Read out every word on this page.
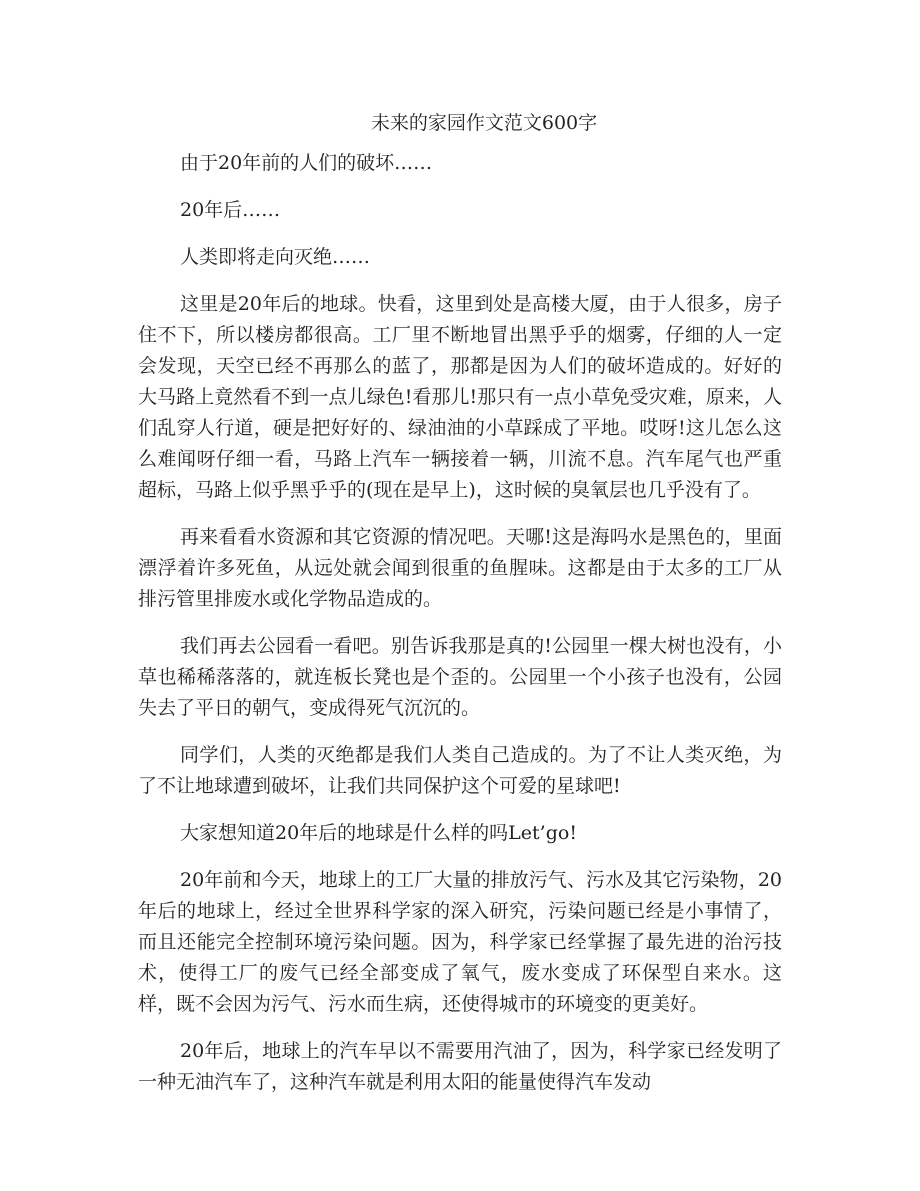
未来的家园作文范文600字

由于20年前的人们的破坏……

20年后……

人类即将走向灭绝……

这里是20年后的地球。快看，这里到处是高楼大厦，由于人很多，房子住不下，所以楼房都很高。工厂里不断地冒出黑乎乎的烟雾，仔细的人一定会发现，天空已经不再那么的蓝了，那都是因为人们的破坏造成的。好好的大马路上竟然看不到一点儿绿色!看那儿!那只有一点小草免受灾难，原来，人们乱穿人行道，硬是把好好的、绿油油的小草踩成了平地。哎呀!这儿怎么这么难闻呀仔细一看，马路上汽车一辆接着一辆，川流不息。汽车尾气也严重超标，马路上似乎黑乎乎的(现在是早上)，这时候的臭氧层也几乎没有了。

再来看看水资源和其它资源的情况吧。天哪!这是海吗水是黑色的，里面漂浮着许多死鱼，从远处就会闻到很重的鱼腥味。这都是由于太多的工厂从排污管里排废水或化学物品造成的。

我们再去公园看一看吧。别告诉我那是真的!公园里一棵大树也没有，小草也稀稀落落的，就连板长凳也是个歪的。公园里一个小孩子也没有，公园失去了平日的朝气，变成得死气沉沉的。

同学们，人类的灭绝都是我们人类自己造成的。为了不让人类灭绝，为了不让地球遭到破坏，让我们共同保护这个可爱的星球吧!

大家想知道20年后的地球是什么样的吗Let’go!

20年前和今天，地球上的工厂大量的排放污气、污水及其它污染物，20年后的地球上，经过全世界科学家的深入研究，污染问题已经是小事情了，而且还能完全控制环境污染问题。因为，科学家已经掌握了最先进的治污技术，使得工厂的废气已经全部变成了氧气，废水变成了环保型自来水。这样，既不会因为污气、污水而生病，还使得城市的环境变的更美好。

20年后，地球上的汽车早以不需要用汽油了，因为，科学家已经发明了一种无油汽车了，这种汽车就是利用太阳的能量使得汽车发动
